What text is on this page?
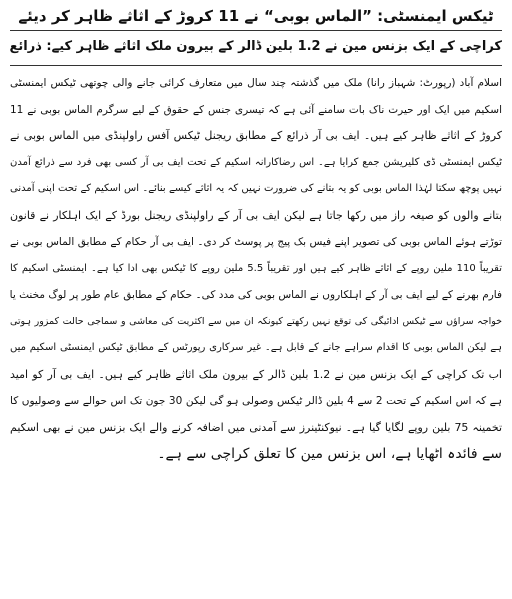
ٹیکس ایمنسٹی: ”الماس بوبی“ نے 11 کروڑ کے اثاثے ظاہر کر دیئے
کراچی کے ایک بزنس مین نے 1.2 بلین ڈالر کے بیرون ملک اثاثے ظاہر کیے: ذرائع

اسلام آباد (رپورٹ: شہباز رانا) ملک میں گذشتہ چند سال میں متعارف کرائی جانے والی چوتھی ٹیکس ایمنسٹی

اسکیم میں ایک اور حیرت ناک بات سامنے آئی ہے کہ تیسری جنس کے حقوق کے لیے سرگرم الماس بوبی نے 11

کروڑ کے اثاثے ظاہر کیے ہیں۔ ایف بی آر ذرائع کے مطابق ریجنل ٹیکس آفس راولپنڈی میں الماس بوبی نے

ٹیکس ایمنسٹی ڈی کلیریشن جمع کرایا ہے۔ اس رضاکارانہ اسکیم کے تحت ایف بی آر کسی بھی فرد سے ذرائع آمدن

نہیں پوچھ سکتا لہٰذا الماس بوبی کو یہ بتانے کی ضرورت نہیں کہ یہ اثاثے کیسے بنائے۔ اس اسکیم کے تحت اپنی آمدنی

بتانے والوں کو صیغہ راز میں رکھا جاتا ہے لیکن ایف بی آر کے راولپنڈی ریجنل بورڈ کے ایک اہلکار نے قانون

توڑتے ہوئے الماس بوبی کی تصویر اپنے فیس بک پیج پر پوسٹ کر دی۔ ایف بی آر حکام کے مطابق الماس بوبی نے

تقریباً 110 ملین روپے کے اثاثے ظاہر کیے ہیں اور تقریباً 5.5 ملین روپے کا ٹیکس بھی ادا کیا ہے۔ ایمنسٹی اسکیم کا

فارم بھرنے کے لیے ایف بی آر کے اہلکاروں نے الماس بوبی کی مدد کی۔ حکام کے مطابق عام طور پر لوگ مخنث یا

خواجہ سراؤں سے ٹیکس ادائیگی کی توقع نہیں رکھتے کیونکہ ان میں سے اکثریت کی معاشی و سماجی حالت کمزور ہوتی

ہے لیکن الماس بوبی کا اقدام سراہے جانے کے قابل ہے۔ غیر سرکاری رپورٹس کے مطابق ٹیکس ایمنسٹی اسکیم میں

اب تک کراچی کے ایک بزنس مین نے 1.2 بلین ڈالر کے بیرون ملک اثاثے ظاہر کیے ہیں۔ ایف بی آر کو امید

ہے کہ اس اسکیم کے تحت 2 سے 4 بلین ڈالر ٹیکس وصولی ہو گی لیکن 30 جون تک اس حوالے سے وصولیوں کا

تخمینہ 75 بلین روپے لگایا گیا ہے۔ نیوکنٹینرز سے آمدنی میں اضافہ کرنے والے ایک بزنس مین نے بھی اسکیم

سے فائدہ اٹھایا ہے، اس بزنس مین کا تعلق کراچی سے ہے۔
